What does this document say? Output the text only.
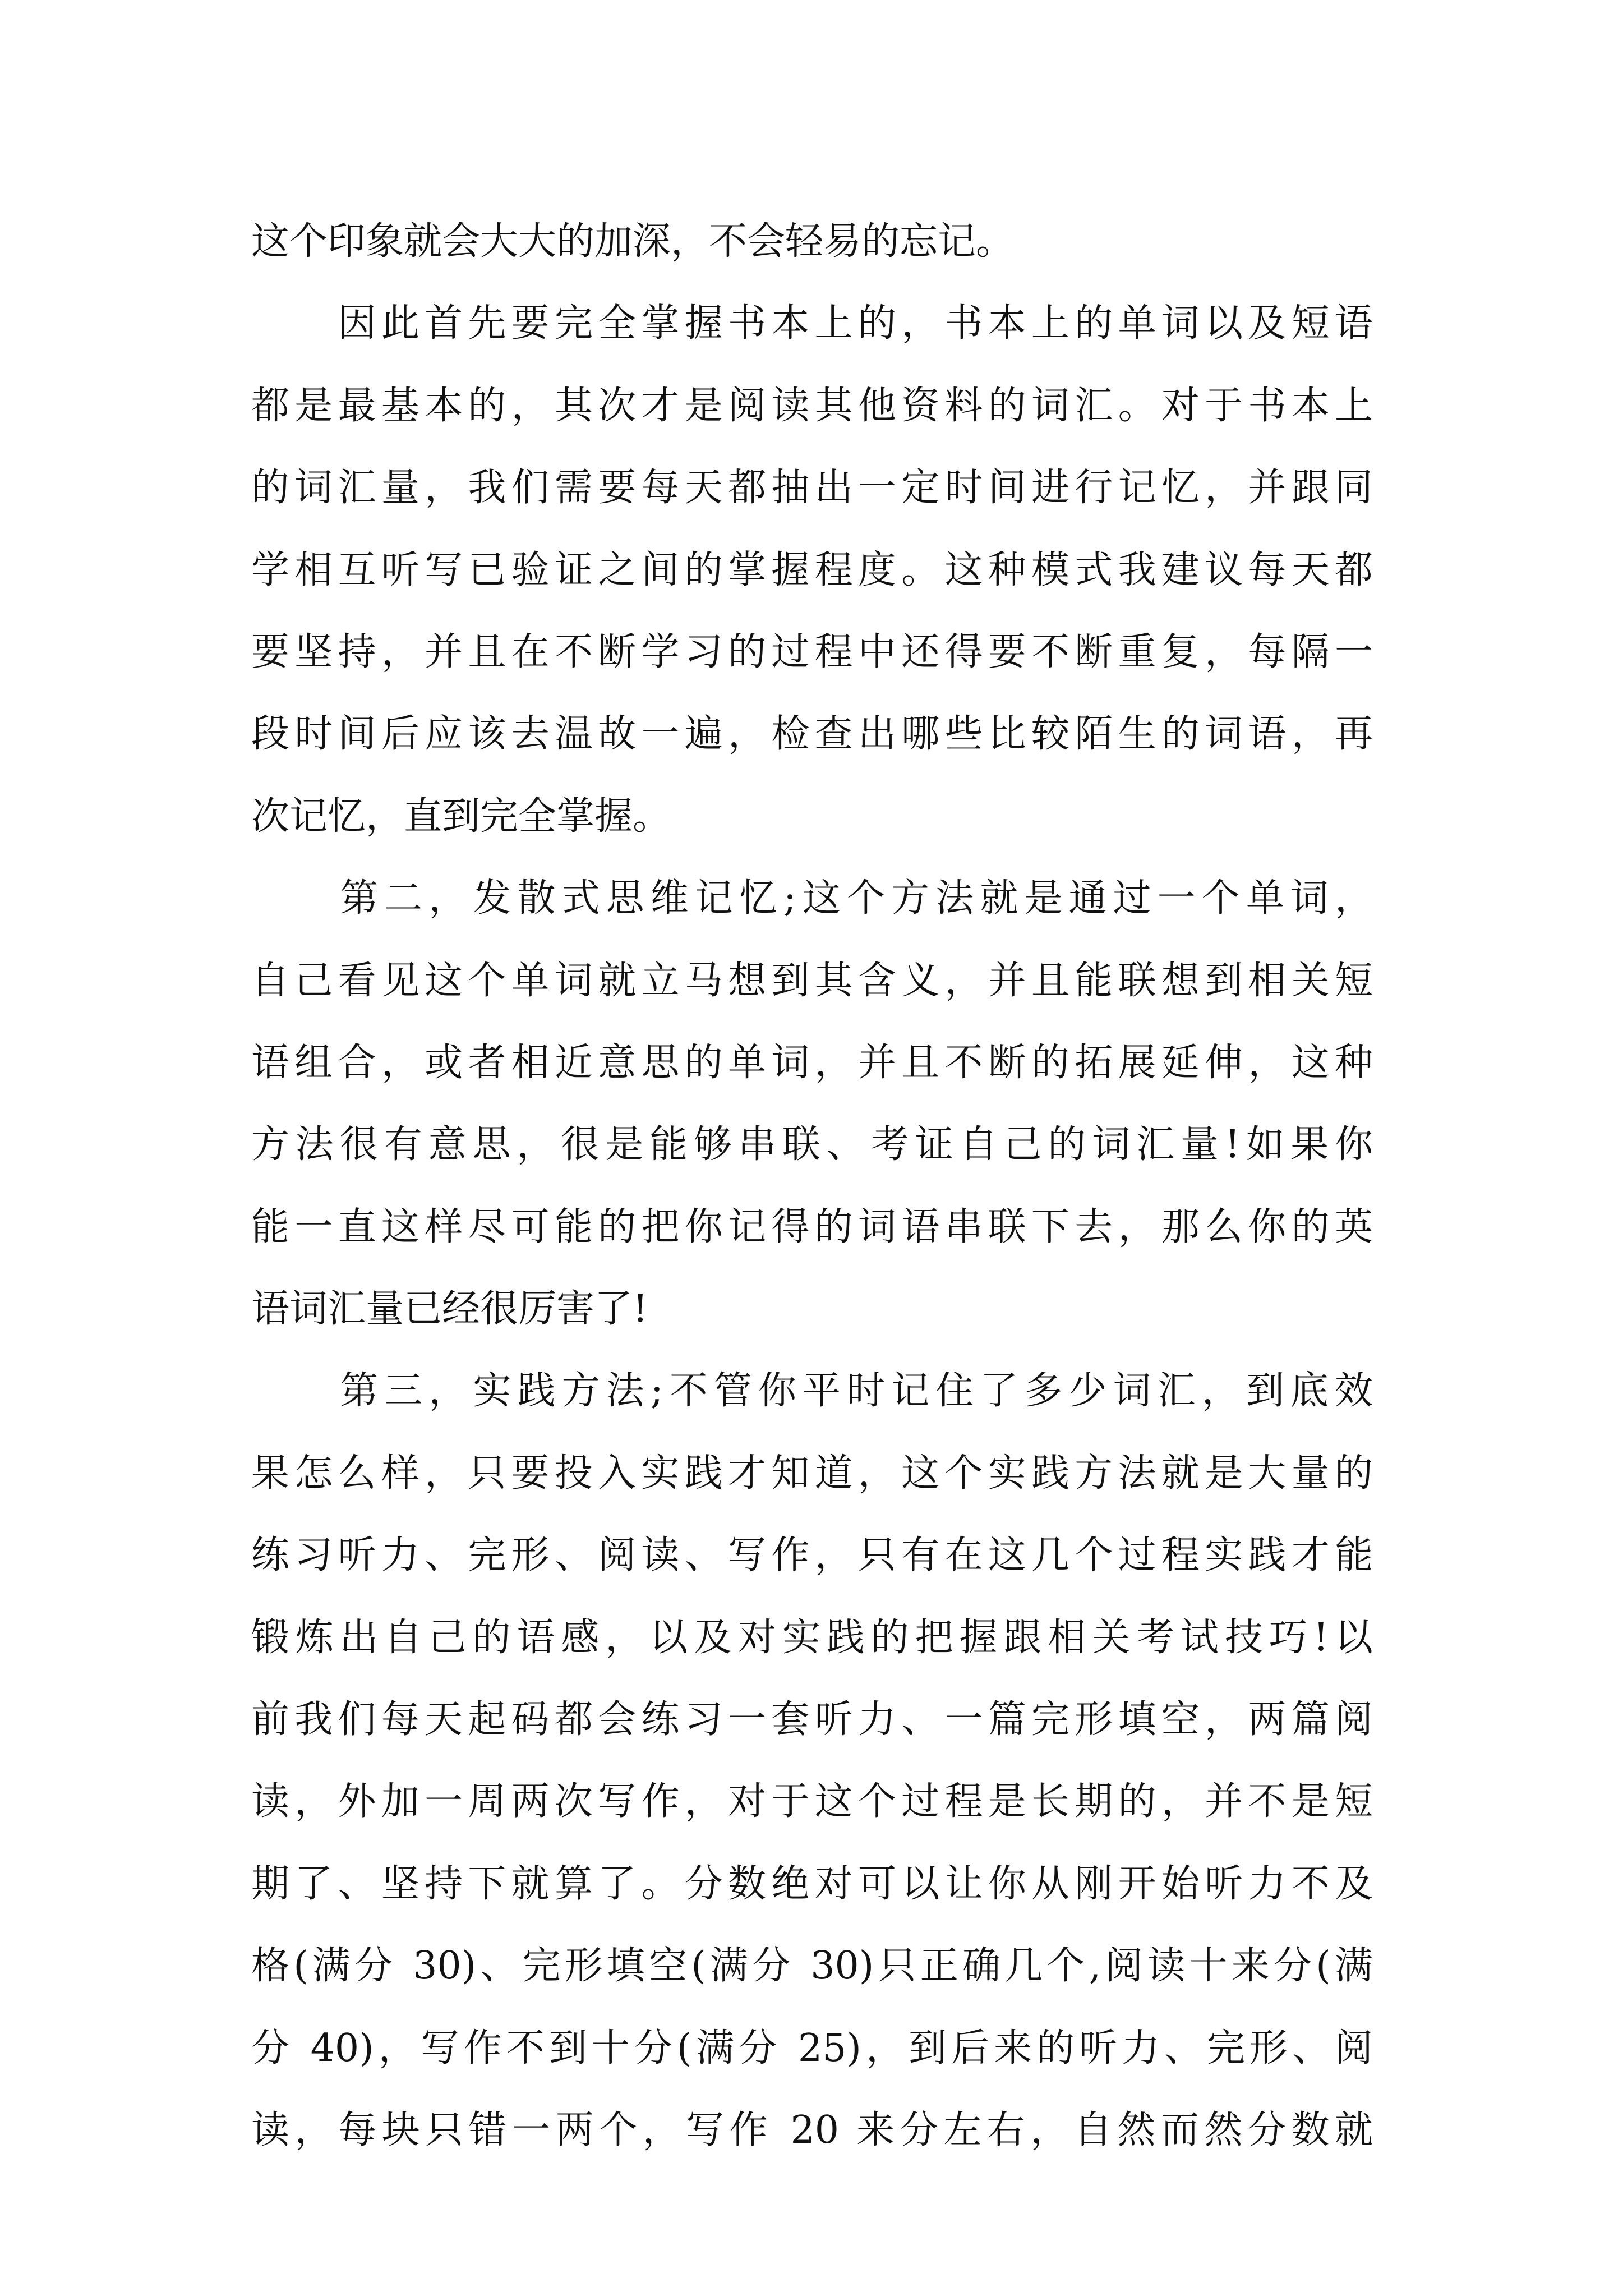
这个印象就会大大的加深，不会轻易的忘记。
　　因此首先要完全掌握书本上的，书本上的单词以及短语
都是最基本的，其次才是阅读其他资料的词汇。对于书本上
的词汇量，我们需要每天都抽出一定时间进行记忆，并跟同
学相互听写已验证之间的掌握程度。这种模式我建议每天都
要坚持，并且在不断学习的过程中还得要不断重复，每隔一
段时间后应该去温故一遍，检查出哪些比较陌生的词语，再
次记忆，直到完全掌握。
　　第二，发散式思维记忆;这个方法就是通过一个单词，
自己看见这个单词就立马想到其含义，并且能联想到相关短
语组合，或者相近意思的单词，并且不断的拓展延伸，这种
方法很有意思，很是能够串联、考证自己的词汇量!如果你
能一直这样尽可能的把你记得的词语串联下去，那么你的英
语词汇量已经很厉害了!
　　第三，实践方法;不管你平时记住了多少词汇，到底效
果怎么样，只要投入实践才知道，这个实践方法就是大量的
练习听力、完形、阅读、写作，只有在这几个过程实践才能
锻炼出自己的语感，以及对实践的把握跟相关考试技巧!以
前我们每天起码都会练习一套听力、一篇完形填空，两篇阅
读，外加一周两次写作，对于这个过程是长期的，并不是短
期了、坚持下就算了。分数绝对可以让你从刚开始听力不及
格(满分 30)、完形填空(满分 30)只正确几个,阅读十来分(满
分 40)，写作不到十分(满分 25)，到后来的听力、完形、阅
读，每块只错一两个，写作 20 来分左右，自然而然分数就
